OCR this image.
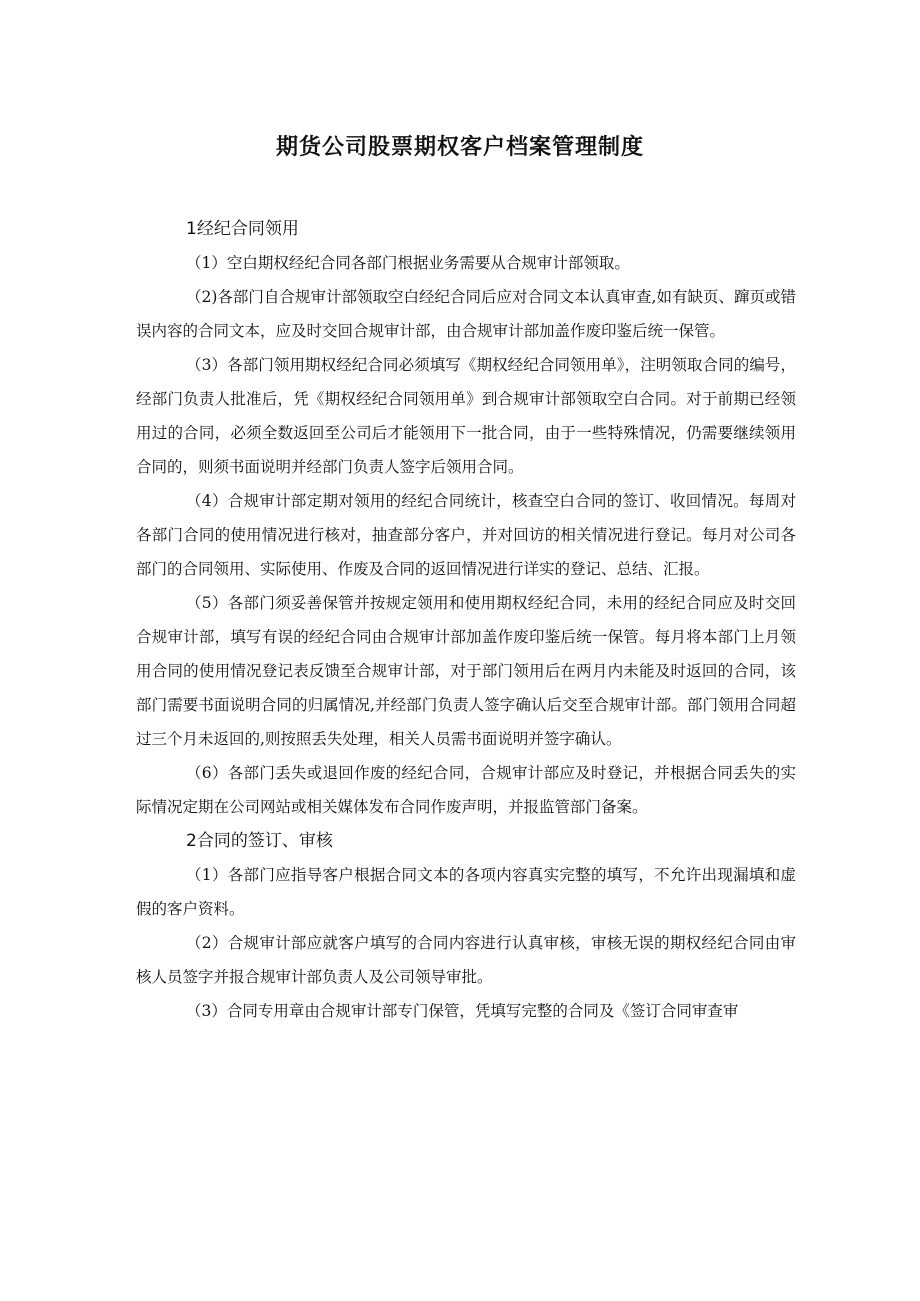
期货公司股票期权客户档案管理制度

1经纪合同领用

（1）空白期权经纪合同各部门根据业务需要从合规审计部领取。

（2)各部门自合规审计部领取空白经纪合同后应对合同文本认真审查,如有缺页、蹿页或错误内容的合同文本，应及时交回合规审计部，由合规审计部加盖作废印鉴后统一保管。

（3）各部门领用期权经纪合同必须填写《期权经纪合同领用单》，注明领取合同的编号，经部门负责人批准后，凭《期权经纪合同领用单》到合规审计部领取空白合同。对于前期已经领用过的合同，必须全数返回至公司后才能领用下一批合同，由于一些特殊情况，仍需要继续领用合同的，则须书面说明并经部门负责人签字后领用合同。

（4）合规审计部定期对领用的经纪合同统计，核查空白合同的签订、收回情况。每周对各部门合同的使用情况进行核对，抽查部分客户，并对回访的相关情况进行登记。每月对公司各部门的合同领用、实际使用、作废及合同的返回情况进行详实的登记、总结、汇报。

（5）各部门须妥善保管并按规定领用和使用期权经纪合同，未用的经纪合同应及时交回合规审计部，填写有误的经纪合同由合规审计部加盖作废印鉴后统一保管。每月将本部门上月领用合同的使用情况登记表反馈至合规审计部，对于部门领用后在两月内未能及时返回的合同，该部门需要书面说明合同的归属情况,并经部门负责人签字确认后交至合规审计部。部门领用合同超过三个月未返回的,则按照丢失处理，相关人员需书面说明并签字确认。

（6）各部门丢失或退回作废的经纪合同，合规审计部应及时登记，并根据合同丢失的实际情况定期在公司网站或相关媒体发布合同作废声明，并报监管部门备案。

2合同的签订、审核

（1）各部门应指导客户根据合同文本的各项内容真实完整的填写，不允许出现漏填和虚假的客户资料。

（2）合规审计部应就客户填写的合同内容进行认真审核，审核无误的期权经纪合同由审核人员签字并报合规审计部负责人及公司领导审批。

（3）合同专用章由合规审计部专门保管，凭填写完整的合同及《签订合同审查审
